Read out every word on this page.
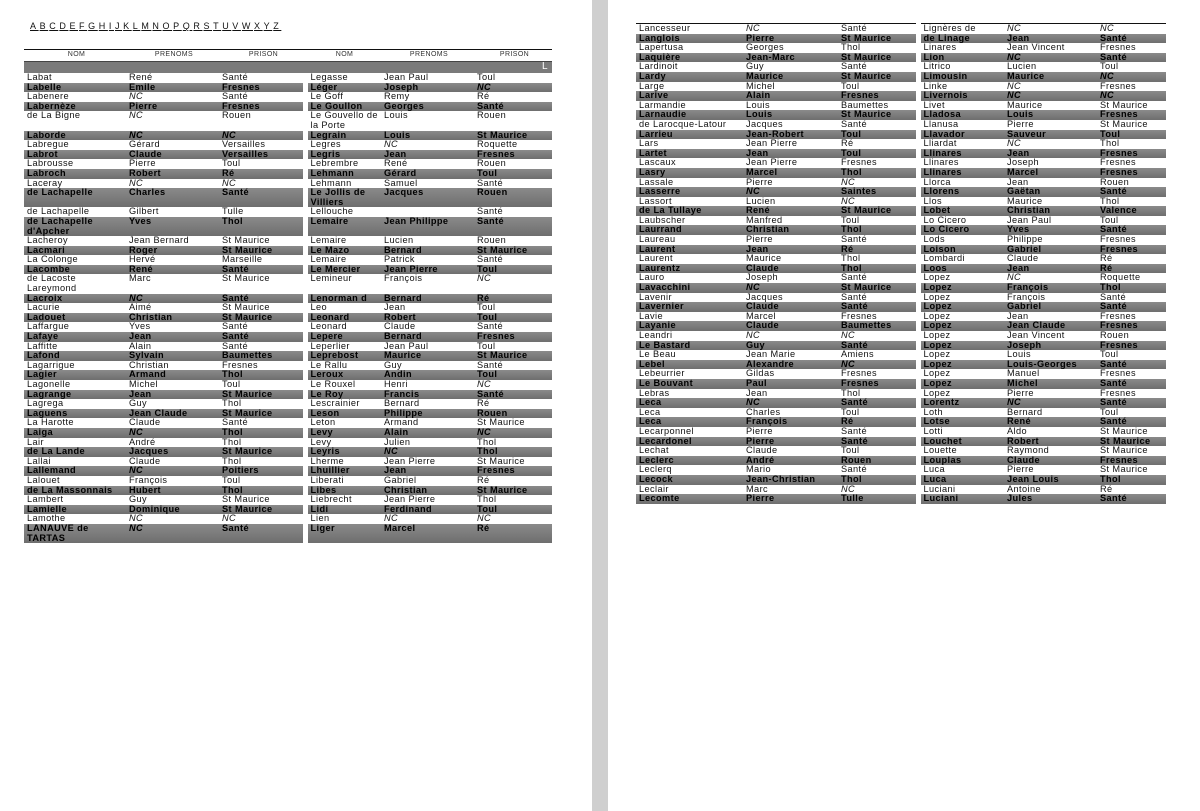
ABCDEFGHIJKLMNOPQRSTUVWXYZ
NOM	PRENOMS	PRISON	NOM	PRENOMS	PRISON
L					
Labat	René	Santé	Legasse	Jean Paul	Toul
Labelle	Emile	Fresnes	Léger	Joseph	NC
Labenere	NC	Santé	Le Goff	Remy	Ré
Labernèze	Pierre	Fresnes	Le Goullon	Georges	Santé
de La Bigne	NC	Rouen	Le Gouvello de la Porte	Louis	Rouen
Laborde	NC	NC	Legrain	Louis	St Maurice
Labregue	Gérard	Versailles	Legres	NC	Roquette
Labrot	Claude	Versailles	Legris	Jean	Fresnes
Labrousse	Pierre	Toul	Lebrembre	René	Rouen
Labroch	Robert	Ré	Lehmann	Gérard	Toul
Laceray	NC	NC	Lehmann	Samuel	Santé
de Lachapelle	Charles	Santé	Le Jollis de Villiers	Jacques	Rouen
de Lachapelle	Gilbert	Tulle	Lellouche		Santé
de Lachapelle d'Apcher	Yves	Thol	Lemaire	Jean Philippe	Santé
Lacheroy	Jean Bernard	St Maurice	Lemaire	Lucien	Rouen
Lacmari	Roger	St Maurice	Le Mazo	Bernard	St Maurice
La Colonge	Hervé	Marseille	Lemaire	Patrick	Santé
Lacombe	René	Santé	Le Mercier	Jean Pierre	Toul
de Lacoste Lareymond	Marc	St Maurice	Lemineur	François	NC
Lacroix	NC	Santé	Lenorman d	Bernard	Ré
Lacurie	Aimé	St Maurice	Leo	Jean	Toul
Ladouet	Christian	St Maurice	Leonard	Robert	Toul
Laffargue	Yves	Santé	Leonard	Claude	Santé
Lafaye	Jean	Santé	Lepere	Bernard	Fresnes
Laffitte	Alain	Santé	Leperlier	Jean Paul	Toul
Lafond	Sylvain	Baumettes	Leprebost	Maurice	St Maurice
Lagarrigue	Christian	Fresnes	Le Rallu	Guy	Santé
Lagier	Armand	Thol	Leroux	Andin	Toul
Lagonelle	Michel	Toul	Le Rouxel	Henri	NC
Lagrange	Jean	St Maurice	Le Roy	Francis	Santé
Lagrega	Guy	Thol	Lescrainier	Bernard	Ré
Laguens	Jean Claude	St Maurice	Leson	Philippe	Rouen
La Harotte	Claude	Santé	Leton	Armand	St Maurice
Laiga	NC	Thol	Levy	Alain	NC
Lair	André	Thol	Levy	Julien	Thol
de La Lande	Jacques	St Maurice	Leyris	NC	Thol
Lallai	Claude	Thol	Lherme	Jean Pierre	St Maurice
Lallemand	NC	Poitiers	Lhuillier	Jean	Fresnes
Lalouet	François	Toul	Liberati	Gabriel	Ré
de La Massonnais	Hubert	Thol	Libes	Christian	St Maurice
Lambert	Guy	St Maurice	Liebrecht	Jean Pierre	Thol
Lamielle	Dominique	St Maurice	Lidi	Ferdinand	Toul
Lamothe	NC	NC	Lien	NC	NC
LANAUVE de TARTAS	NC	Santé	Liger	Marcel	Ré
Lancesseur	NC	Santé	Lignères de	NC	NC
Langlois	Pierre	St Maurice	de Linage	Jean	Santé
Lapertusa	Georges	Thol	Linares	Jean Vincent	Fresnes
Laquière	Jean-Marc	St Maurice	Lion	NC	Santé
Lardinoit	Guy	Santé	Litrico	Lucien	Toul
Lardy	Maurice	St Maurice	Limousin	Maurice	NC
Large	Michel	Toul	Linke	NC	Fresnes
Larive	Alain	Fresnes	Livernois	NC	NC
Larmandie	Louis	Baumettes	Livet	Maurice	St Maurice
Larnaudie	Louis	St Maurice	Lladosa	Louis	Fresnes
de Larocque-Latour	Jacques	Santé	Llanusa	Pierre	St Maurice
Larrieu	Jean-Robert	Toul	Llavador	Sauveur	Toul
Lars	Jean Pierre	Ré	Lliardat	NC	Thol
Lartet	Jean	Toul	Llinares	Jean	Fresnes
Lascaux	Jean Pierre	Fresnes	Llinares	Joseph	Fresnes
Lasry	Marcel	Thol	Llinares	Marcel	Fresnes
Lassale	Pierre	NC	Llorca	Jean	Rouen
Lasserre	NC	Saintes	Llorens	Gaëtan	Santé
Lassort	Lucien	NC	Llos	Maurice	Thol
de La Tullaye	René	St Maurice	Lobet	Christian	Valence
Laubscher	Manfred	Toul	Lo Cicero	Jean Paul	Toul
Laurrand	Christian	Thol	Lo Cicero	Yves	Santé
Laureau	Pierre	Santé	Lods	Philippe	Fresnes
Laurent	Jean	Ré	Loison	Gabriel	Fresnes
Laurent	Maurice	Thol	Lombardi	Claude	Ré
Laurentz	Claude	Thol	Loos	Jean	Ré
Lauro	Joseph	Santé	Lopez	NC	Roquette
Lavacchini	NC	St Maurice	Lopez	François	Thol
Lavenir	Jacques	Santé	Lopez	François	Santé
Lavernier	Claude	Santé	Lopez	Gabriel	Santé
Lavie	Marcel	Fresnes	Lopez	Jean	Fresnes
Layanie	Claude	Baumettes	Lopez	Jean Claude	Fresnes
Leandri	NC	NC	Lopez	Jean Vincent	Rouen
Le Bastard	Guy	Santé	Lopez	Joseph	Fresnes
Le Beau	Jean Marie	Amiens	Lopez	Louis	Toul
Lebel	Alexandre	NC	Lopez	Louis-Georges	Santé
Lebeurrier	Gildas	Fresnes	Lopez	Manuel	Fresnes
Le Bouvant	Paul	Fresnes	Lopez	Michel	Santé
Lebras	Jean	Thol	Lopez	Pierre	Fresnes
Leca	NC	Santé	Lorentz	NC	Santé
Leca	Charles	Toul	Loth	Bernard	Toul
Leca	François	Ré	Lotse	René	Santé
Lecarponnel	Pierre	Santé	Lotti	Aldo	St Maurice
Lecardonel	Pierre	Santé	Louchet	Robert	St Maurice
Lechat	Claude	Toul	Louette	Raymond	St Maurice
Leclerc	André	Rouen	Louplas	Claude	Fresnes
Leclerq	Mario	Santé	Luca	Pierre	St Maurice
Lecock	Jean-Christian	Thol	Luca	Jean Louis	Thol
Leclair	Marc	NC	Luciani	Antoine	Ré
Lecomte	Pierre	Tulle	Luciani	Jules	Santé
